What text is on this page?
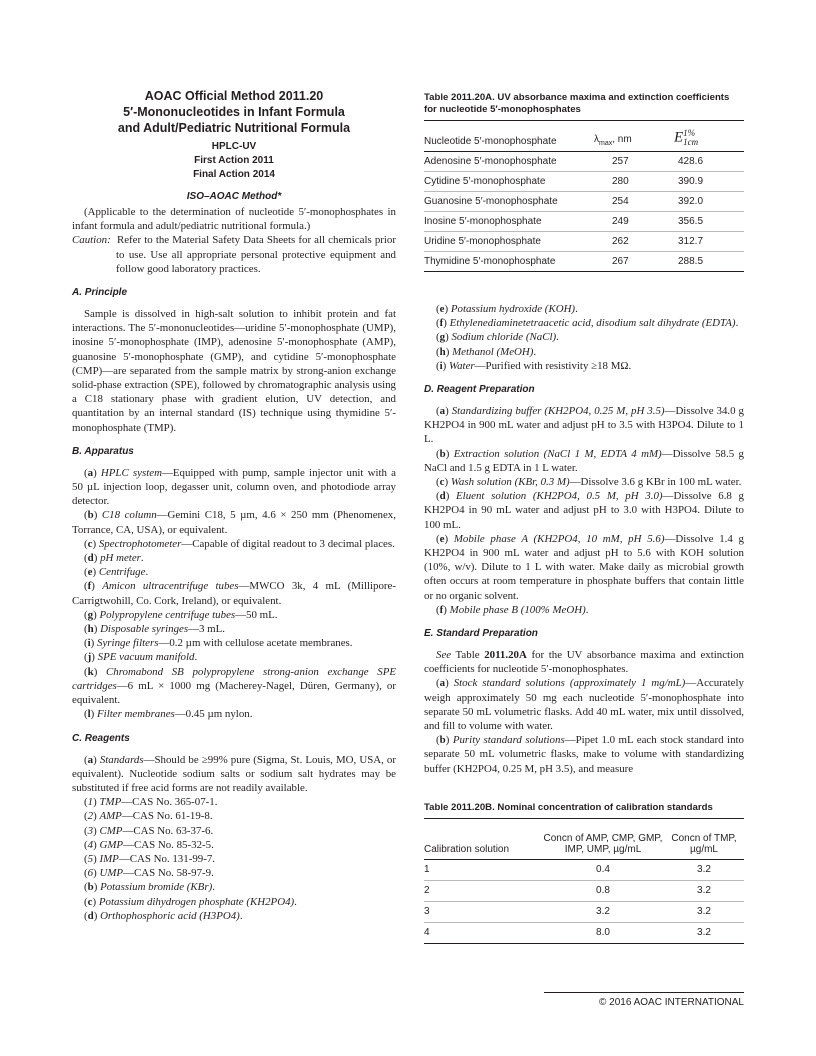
AOAC Official Method 2011.20
5′-Mononucleotides in Infant Formula
and Adult/Pediatric Nutritional Formula
HPLC-UV
First Action 2011
Final Action 2014
ISO–AOAC Method*

(Applicable to the determination of nucleotide 5′-monophosphates in infant formula and adult/pediatric nutritional formula.)

Caution: Refer to the Material Safety Data Sheets for all chemicals prior to use. Use all appropriate personal protective equipment and follow good laboratory practices.
A. Principle

Sample is dissolved in high-salt solution to inhibit protein and fat interactions. The 5′-mononucleotides—uridine 5′-monophosphate (UMP), inosine 5′-monophosphate (IMP), adenosine 5′-monophosphate (AMP), guanosine 5′-monophosphate (GMP), and cytidine 5′-monophosphate (CMP)—are separated from the sample matrix by strong-anion exchange solid-phase extraction (SPE), followed by chromatographic analysis using a C18 stationary phase with gradient elution, UV detection, and quantitation by an internal standard (IS) technique using thymidine 5′-monophosphate (TMP).

B. Apparatus
(a) HPLC system—Equipped with pump, sample injector unit with a 50 µL injection loop, degasser unit, column oven, and photodiode array detector.
(b) C18 column—Gemini C18, 5 µm, 4.6 × 250 mm (Phenomenex, Torrance, CA, USA), or equivalent.
(c) Spectrophotometer—Capable of digital readout to 3 decimal places.
(d) pH meter.
(e) Centrifuge.
(f) Amicon ultracentrifuge tubes—MWCO 3k, 4 mL (Millipore-Carrigtwohill, Co. Cork, Ireland), or equivalent.
(g) Polypropylene centrifuge tubes—50 mL.
(h) Disposable syringes—3 mL.
(i) Syringe filters—0.2 µm with cellulose acetate membranes.
(j) SPE vacuum manifold.
(k) Chromabond SB polypropylene strong-anion exchange SPE cartridges—6 mL × 1000 mg (Macherey-Nagel, Düren, Germany), or equivalent.
(l) Filter membranes—0.45 µm nylon.
C. Reagents
(a) Standards—Should be ≥99% pure (Sigma, St. Louis, MO, USA, or equivalent). Nucleotide sodium salts or sodium salt hydrates may be substituted if free acid forms are not readily available.
(1) TMP—CAS No. 365-07-1.
(2) AMP—CAS No. 61-19-8.
(3) CMP—CAS No. 63-37-6.
(4) GMP—CAS No. 85-32-5.
(5) IMP—CAS No. 131-99-7.
(6) UMP—CAS No. 58-97-9.
(b) Potassium bromide (KBr).
(c) Potassium dihydrogen phosphate (KH2PO4).
(d) Orthophosphoric acid (H3PO4).
Table 2011.20A. UV absorbance maxima and extinction coefficients for nucleotide 5′-monophosphates
Nucleotide 5′-monophosphate	$\lambda_{max}$, nm	E1%
1cm
Adenosine 5′-monophosphate	257	428.6
Cytidine 5′-monophosphate	280	390.9
Guanosine 5′-monophosphate	254	392.0
Inosine 5′-monophosphate	249	356.5
Uridine 5′-monophosphate	262	312.7
Thymidine 5′-monophosphate	267	288.5
(e) Potassium hydroxide (KOH).
(f) Ethylenediaminetetraacetic acid, disodium salt dihydrate (EDTA).
(g) Sodium chloride (NaCl).
(h) Methanol (MeOH).
(i) Water—Purified with resistivity ≥18 MΩ.
D. Reagent Preparation
(a) Standardizing buffer (KH2PO4, 0.25 M, pH 3.5)—Dissolve 34.0 g KH2PO4 in 900 mL water and adjust pH to 3.5 with H3PO4. Dilute to 1 L.
(b) Extraction solution (NaCl 1 M, EDTA 4 mM)—Dissolve 58.5 g NaCl and 1.5 g EDTA in 1 L water.
(c) Wash solution (KBr, 0.3 M)—Dissolve 3.6 g KBr in 100 mL water.
(d) Eluent solution (KH2PO4, 0.5 M, pH 3.0)—Dissolve 6.8 g KH2PO4 in 90 mL water and adjust pH to 3.0 with H3PO4. Dilute to 100 mL.
(e) Mobile phase A (KH2PO4, 10 mM, pH 5.6)—Dissolve 1.4 g KH2PO4 in 900 mL water and adjust pH to 5.6 with KOH solution (10%, w/v). Dilute to 1 L with water. Make daily as microbial growth often occurs at room temperature in phosphate buffers that contain little or no organic solvent.
(f) Mobile phase B (100% MeOH).
E. Standard Preparation
See Table 2011.20A for the UV absorbance maxima and extinction coefficients for nucleotide 5′-monophosphates.
(a) Stock standard solutions (approximately 1 mg/mL)—Accurately weigh approximately 50 mg each nucleotide 5′-monophosphate into separate 50 mL volumetric flasks. Add 40 mL water, mix until dissolved, and fill to volume with water.
(b) Purity standard solutions—Pipet 1.0 mL each stock standard into separate 50 mL volumetric flasks, make to volume with standardizing buffer (KH2PO4, 0.25 M, pH 3.5), and measure
Table 2011.20B. Nominal concentration of calibration standards
Calibration solution	Concn of AMP, CMP, GMP,
IMP, UMP, µg/mL	Concn of TMP,
µg/mL
1	0.4	3.2
2	0.8	3.2
3	3.2	3.2
4	8.0	3.2
© 2016 AOAC INTERNATIONAL
